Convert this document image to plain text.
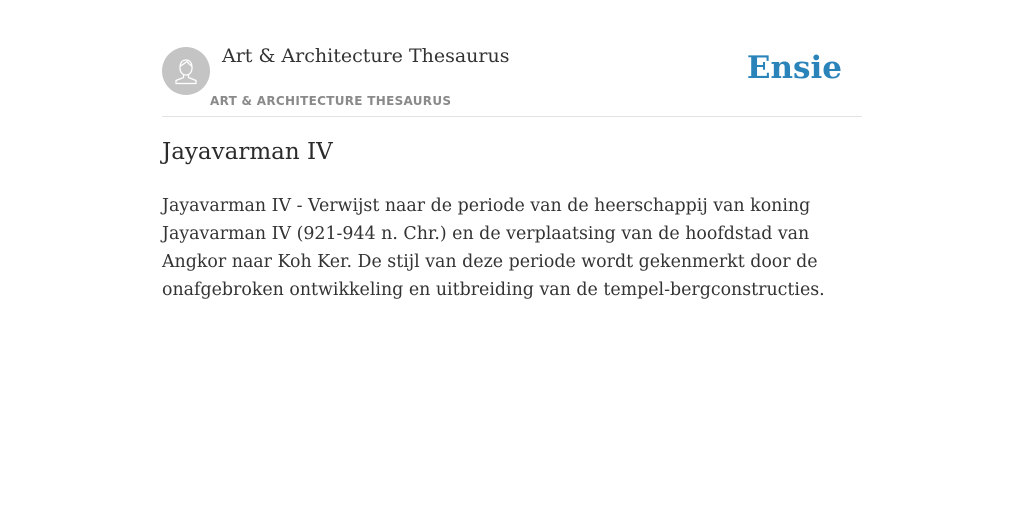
Art & Architecture Thesaurus
ART & ARCHITECTURE THESAURUS
Ensie
Jayavarman IV

Jayavarman IV - Verwijst naar de periode van de heerschappij van koning Jayavarman IV (921-944 n. Chr.) en de verplaatsing van de hoofdstad van Angkor naar Koh Ker. De stijl van deze periode wordt gekenmerkt door de onafgebroken ontwikkeling en uitbreiding van de tempel-bergconstructies.
